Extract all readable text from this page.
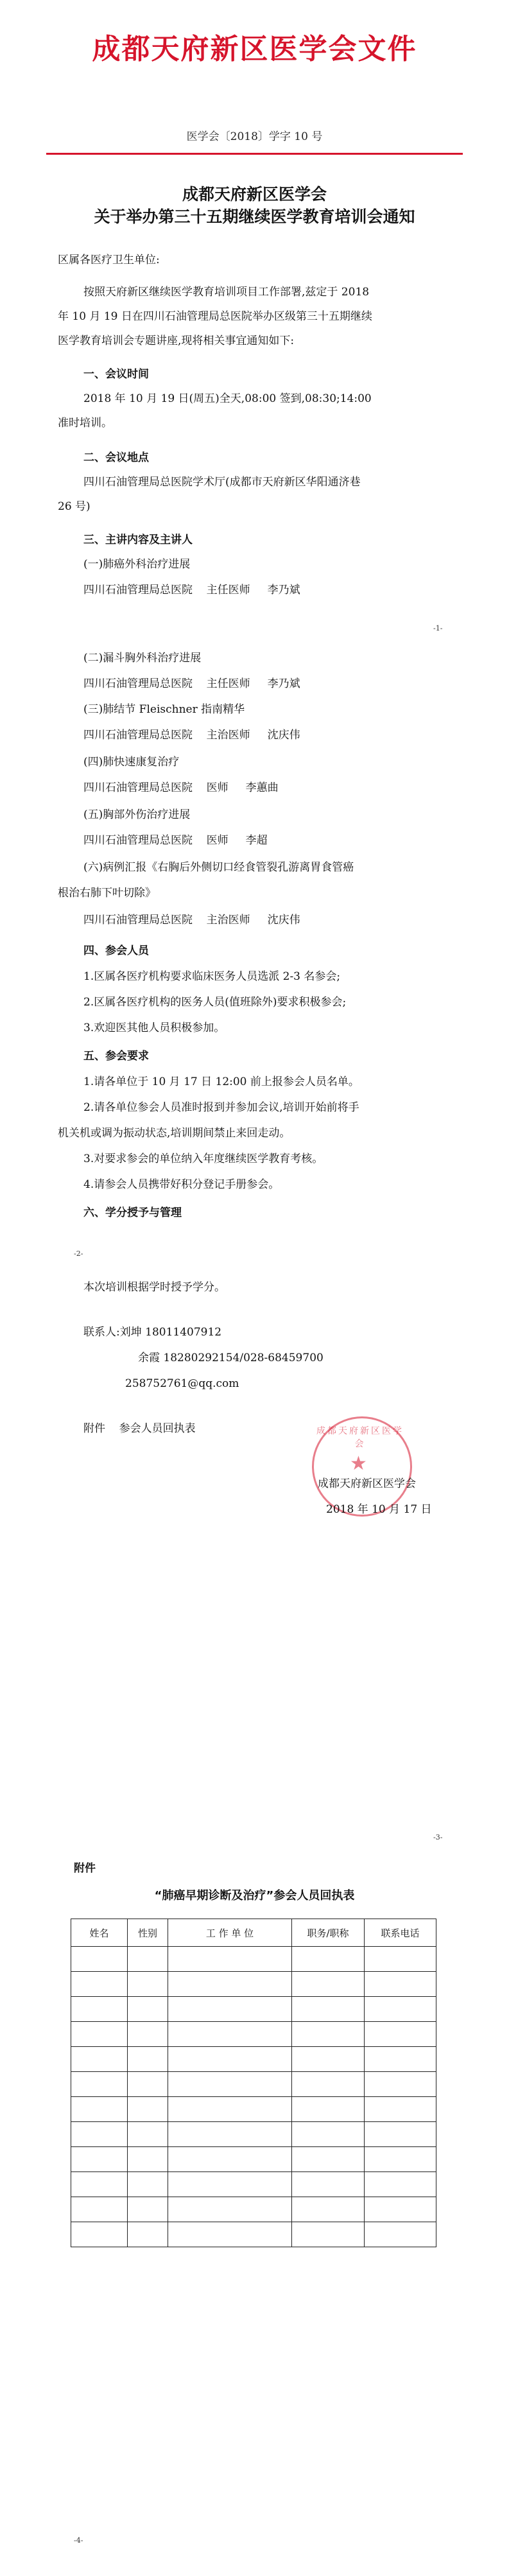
成都天府新区医学会文件
医学会〔2018〕学字 10 号
成都天府新区医学会
关于举办第三十五期继续医学教育培训会通知
区属各医疗卫生单位:
按照天府新区继续医学教育培训项目工作部署,兹定于 2018
年 10 月 19 日在四川石油管理局总医院举办区级第三十五期继续
医学教育培训会专题讲座,现将相关事宜通知如下:
一、会议时间
2018 年 10 月 19 日(周五)全天,08:00 签到,08:30;14:00
准时培训。
二、会议地点
四川石油管理局总医院学术厅(成都市天府新区华阳通济巷
26 号)
三、主讲内容及主讲人
(一)肺癌外科治疗进展
四川石油管理局总医院    主任医师     李乃斌
-1-
(二)漏斗胸外科治疗进展
四川石油管理局总医院    主任医师     李乃斌
(三)肺结节 Fleischner 指南精华
四川石油管理局总医院    主治医师     沈庆伟
(四)肺快速康复治疗
四川石油管理局总医院    医师     李蕙曲
(五)胸部外伤治疗进展
四川石油管理局总医院    医师     李超
(六)病例汇报《右胸后外侧切口经食管裂孔游离胃食管癌
根治右肺下叶切除》
四川石油管理局总医院    主治医师     沈庆伟
四、参会人员
1.区属各医疗机构要求临床医务人员选派 2-3 名参会;
2.区属各医疗机构的医务人员(值班除外)要求积极参会;
3.欢迎医其他人员积极参加。
五、参会要求
1.请各单位于 10 月 17 日 12:00 前上报参会人员名单。
2.请各单位参会人员准时报到并参加会议,培训开始前将手
机关机或调为振动状态,培训期间禁止来回走动。
3.对要求参会的单位纳入年度继续医学教育考核。
4.请参会人员携带好积分登记手册参会。
六、学分授予与管理
-2-
本次培训根据学时授予学分。
联系人:刘坤 18011407912
余霞 18280292154/028-68459700
258752761@qq.com
附件    参会人员回执表	成都天府新区医学会
★
成都天府新区医学会
2018 年 10 月 17 日
-3-
附件
“肺癌早期诊断及治疗”参会人员回执表
姓名	性别	工 作 单 位	职务/职称	联系电话

-4-
